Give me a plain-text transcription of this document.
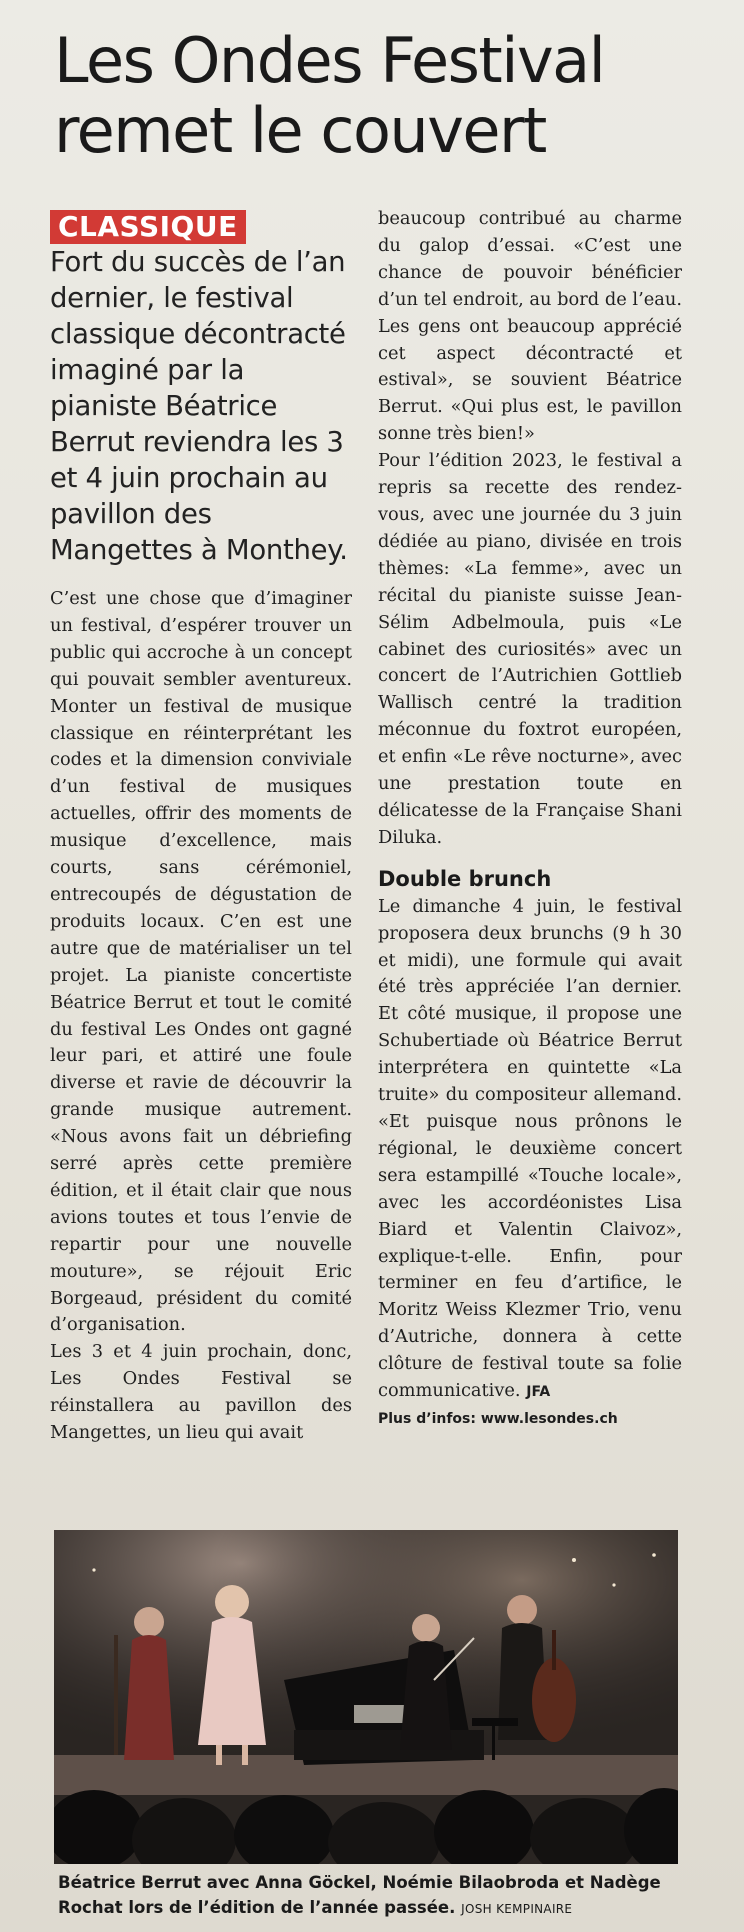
Les Ondes Festival remet le couvert
CLASSIQUE

Fort du succès de l’an dernier, le festival classique décontracté imaginé par la pianiste Béatrice Berrut reviendra les 3 et 4 juin prochain au pavillon des Mangettes à Monthey.

C’est une chose que d’imaginer un festival, d’espérer trouver un public qui accroche à un concept qui pouvait sembler aventureux. Monter un festival de musique classique en réinterprétant les codes et la dimension conviviale d’un festival de musiques actuelles, offrir des moments de musique d’excellence, mais courts, sans cérémoniel, entrecoupés de dégustation de produits locaux. C’en est une autre que de matérialiser un tel projet. La pianiste concertiste Béatrice Berrut et tout le comité du festival Les Ondes ont gagné leur pari, et attiré une foule diverse et ravie de découvrir la grande musique autrement. «Nous avons fait un débriefing serré après cette première édition, et il était clair que nous avions toutes et tous l’envie de repartir pour une nouvelle mouture», se réjouit Eric Borgeaud, président du comité d’organisation.

Les 3 et 4 juin prochain, donc, Les Ondes Festival se réinstallera au pavillon des Mangettes, un lieu qui avait

beaucoup contribué au charme du galop d’essai. «C’est une chance de pouvoir bénéficier d’un tel endroit, au bord de l’eau. Les gens ont beaucoup apprécié cet aspect décontracté et estival», se souvient Béatrice Berrut. «Qui plus est, le pavillon sonne très bien!»

Pour l’édition 2023, le festival a repris sa recette des rendez-vous, avec une journée du 3 juin dédiée au piano, divisée en trois thèmes: «La femme», avec un récital du pianiste suisse Jean-Sélim Adbelmoula, puis «Le cabinet des curiosités» avec un concert de l’Autrichien Gottlieb Wallisch centré la tradition méconnue du foxtrot européen, et enfin «Le rêve nocturne», avec une prestation toute en délicatesse de la Française Shani Diluka.

Double brunch

Le dimanche 4 juin, le festival proposera deux brunchs (9 h 30 et midi), une formule qui avait été très appréciée l’an dernier. Et côté musique, il propose une Schubertiade où Béatrice Berrut interprétera en quintette «La truite» du compositeur allemand. «Et puisque nous prônons le régional, le deuxième concert sera estampillé «Touche locale», avec les accordéonistes Lisa Biard et Valentin Claivoz», explique-t-elle. Enfin, pour terminer en feu d’artifice, le Moritz Weiss Klezmer Trio, venu d’Autriche, donnera à cette clôture de festival toute sa folie communicative. JFA

Plus d’infos: www.lesondes.ch
Béatrice Berrut avec Anna Göckel, Noémie Bilaobroda et Nadège Rochat lors de l’édition de l’année passée. JOSH KEMPINAIRE
